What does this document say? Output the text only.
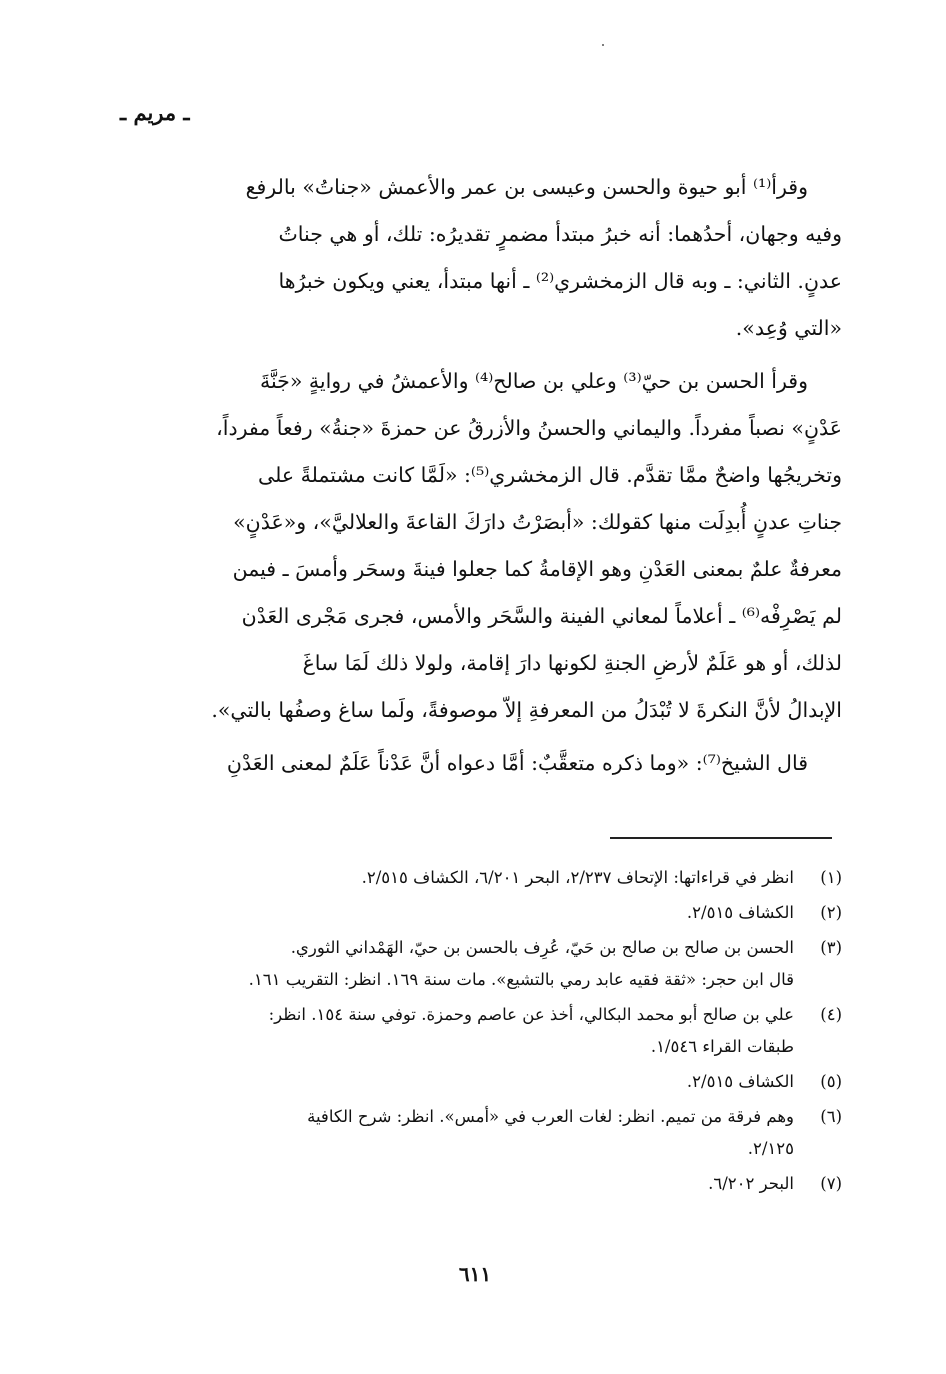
ـ مريم ـ

وقرأ⁽¹⁾ أبو حيوة والحسن وعيسى بن عمر والأعمش «جناتُ» بالرفع
وفيه وجهان، أحدُهما: أنه خبرُ مبتدأ مضمرٍ تقديرُه: تلك، أو هي جناتُ
عدنٍ. الثاني: ـ وبه قال الزمخشري⁽²⁾ ـ أنها مبتدأ، يعني ويكون خبرُها
«التي وُعِد».

وقرأ الحسن بن حيّ⁽³⁾ وعلي بن صالح⁽⁴⁾ والأعمشُ في روايةٍ «جَنَّةَ
عَدْنٍ» نصباً مفرداً. واليماني والحسنُ والأزرقُ عن حمزةَ «جنةُ» رفعاً مفرداً،
وتخريجُها واضحٌ ممَّا تقدَّم. قال الزمخشري⁽⁵⁾: «لَمَّا كانت مشتملةً على
جناتِ عدنٍ أُبدِلَت منها كقولك: «أبصَرْتُ دارَكَ القاعةَ والعلاليَّ»، و«عَدْنٍ»
معرفةٌ علمٌ بمعنى العَدْنِ وهو الإقامةُ كما جعلوا فينةَ وسحَر وأمسَ ـ فيمن
لم يَصْرِفْه⁽⁶⁾ ـ أعلاماً لمعاني الفينة والسَّحَر والأمس، فجرى مَجْرى العَدْن
لذلك، أو هو عَلَمٌ لأرضِ الجنةِ لكونها دارَ إقامة، ولولا ذلك لَمَا ساغَ
الإبدالُ لأنَّ النكرةَ لا تُبْدَلُ من المعرفةِ إلاّ موصوفةً، ولَما ساغ وصفُها بالتي».

قال الشيخ⁽⁷⁾: «وما ذكره متعقَّبٌ: أمَّا دعواه أنَّ عَدْناً عَلَمٌ لمعنى العَدْنِ

(١)
انظر في قراءاتها: الإتحاف ٢/٢٣٧، البحر ٦/٢٠١، الكشاف ٢/٥١٥.
(٢)
الكشاف ٢/٥١٥.
(٣)
الحسن بن صالح بن صالح بن حَيّ، عُرِف بالحسن بن حيّ، الهَمْداني الثوري.
قال ابن حجر: «ثقة فقيه عابد رمي بالتشيع». مات سنة ١٦٩. انظر: التقريب ١٦١.
(٤)
علي بن صالح أبو محمد البكالي، أخذ عن عاصم وحمزة. توفي سنة ١٥٤. انظر:
طبقات القراء ١/٥٤٦.
(٥)
الكشاف ٢/٥١٥.
(٦)
وهم فرقة من تميم. انظر: لغات العرب في «أمس». انظر: شرح الكافية
٢/١٢٥.
(٧)
البحر ٦/٢٠٢.
٦١١
